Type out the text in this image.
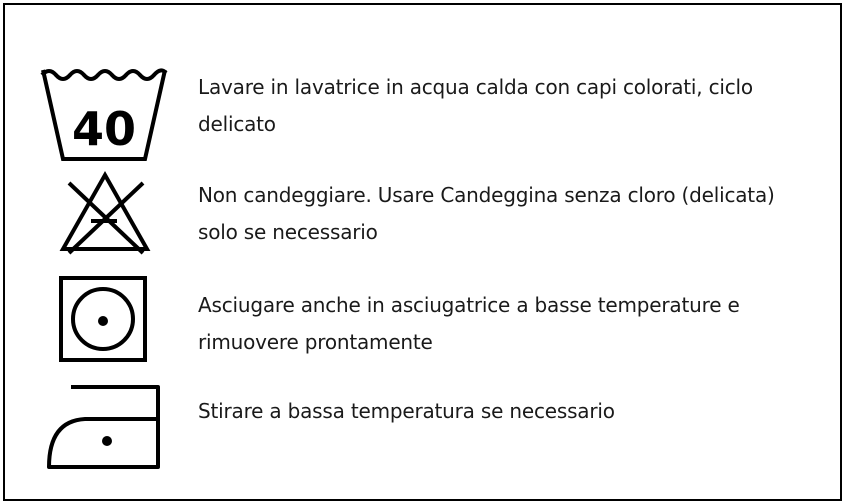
40
Lavare in lavatrice in acqua calda con capi colorati, ciclo delicato
Non candeggiare. Usare Candeggina senza cloro (delicata) solo se necessario
Asciugare anche in asciugatrice a basse temperature e rimuovere prontamente
Stirare a bassa temperatura se necessario
